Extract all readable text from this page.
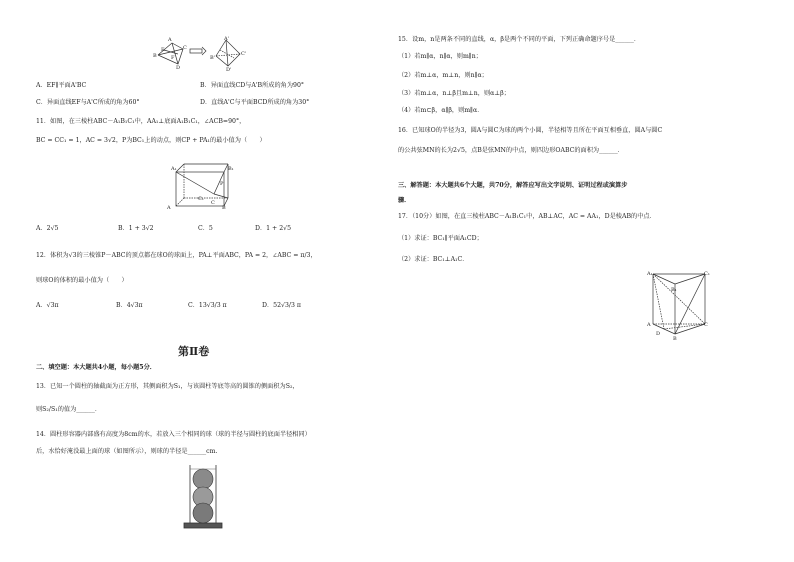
A
C
B
E
F
D
A'
C'
B'
D'
A．EF∥平面A'BC	B．异面直线CD与A'B所成的角为90°
C．异面直线EF与A'C所成的角为60°	D．直线A'C与平面BCD所成的角为30°
11．如图，在三棱柱ABC－A₁B₁C₁中，AA₁⊥底面A₁B₁C₁，∠ACB=90°，
BC = CC₁ = 1，AC = 3√2，P为BC₁上的动点，则CP + PA₁的最小值为（　　）
A₁	B₁
P
C₁
A	B
C
A．2√5	B．1 + 3√2	C．5	D．1 + 2√5
12．体积为√3的三棱锥P－ABC的顶点都在球O的球面上，PA⊥平面ABC，PA = 2，∠ABC = π/3，
则球O的体积的最小值为（　　）
A．√3π	B．4√3π	C．13√3/3 π	D．52√3/3 π
第Ⅱ卷
二、填空题：本大题共4小题，每小题5分．
13．已知一个圆柱的轴截面为正方形，其侧面积为S₁，与该圆柱等底等高的圆锥的侧面积为S₂，
则S₂/S₁的值为______．
14．圆柱形容器内部盛有高度为8cm的水，若放入三个相同的球（球的半径与圆柱的底面半径相同）
后，水恰好淹没最上面的球（如图所示），则球的半径是______cm.
15．设m，n是两条不同的直线，α，β是两个不同的平面，下列正确命题序号是______．
（1）若m∥α，n∥α，则m∥n；
（2）若m⊥α，m⊥n，则n∥α；
（3）若m⊥α，n⊥β且m⊥n，则α⊥β；
（4）若m⊂β，α∥β，则m∥α．
16．已知球O的半径为3，圆A与圆C为球的两个小圆，半径相等且所在平面互相垂直，圆A与圆C
的公共弦MN的长为2√5，点B是弦MN的中点，则四边形OABC的面积为______．
三、解答题：本大题共6个大题，共70分，解答应写出文字说明、证明过程或演算步
骤．
17．（10分）如图，在直三棱柱ABC－A₁B₁C₁中，AB⊥AC，AC = AA₁，D是棱AB的中点．
（1）求证：BC₁∥平面A₁CD；
（2）求证：BC₁⊥A₁C．
A₁	C₁
B₁
A	C
D
B
